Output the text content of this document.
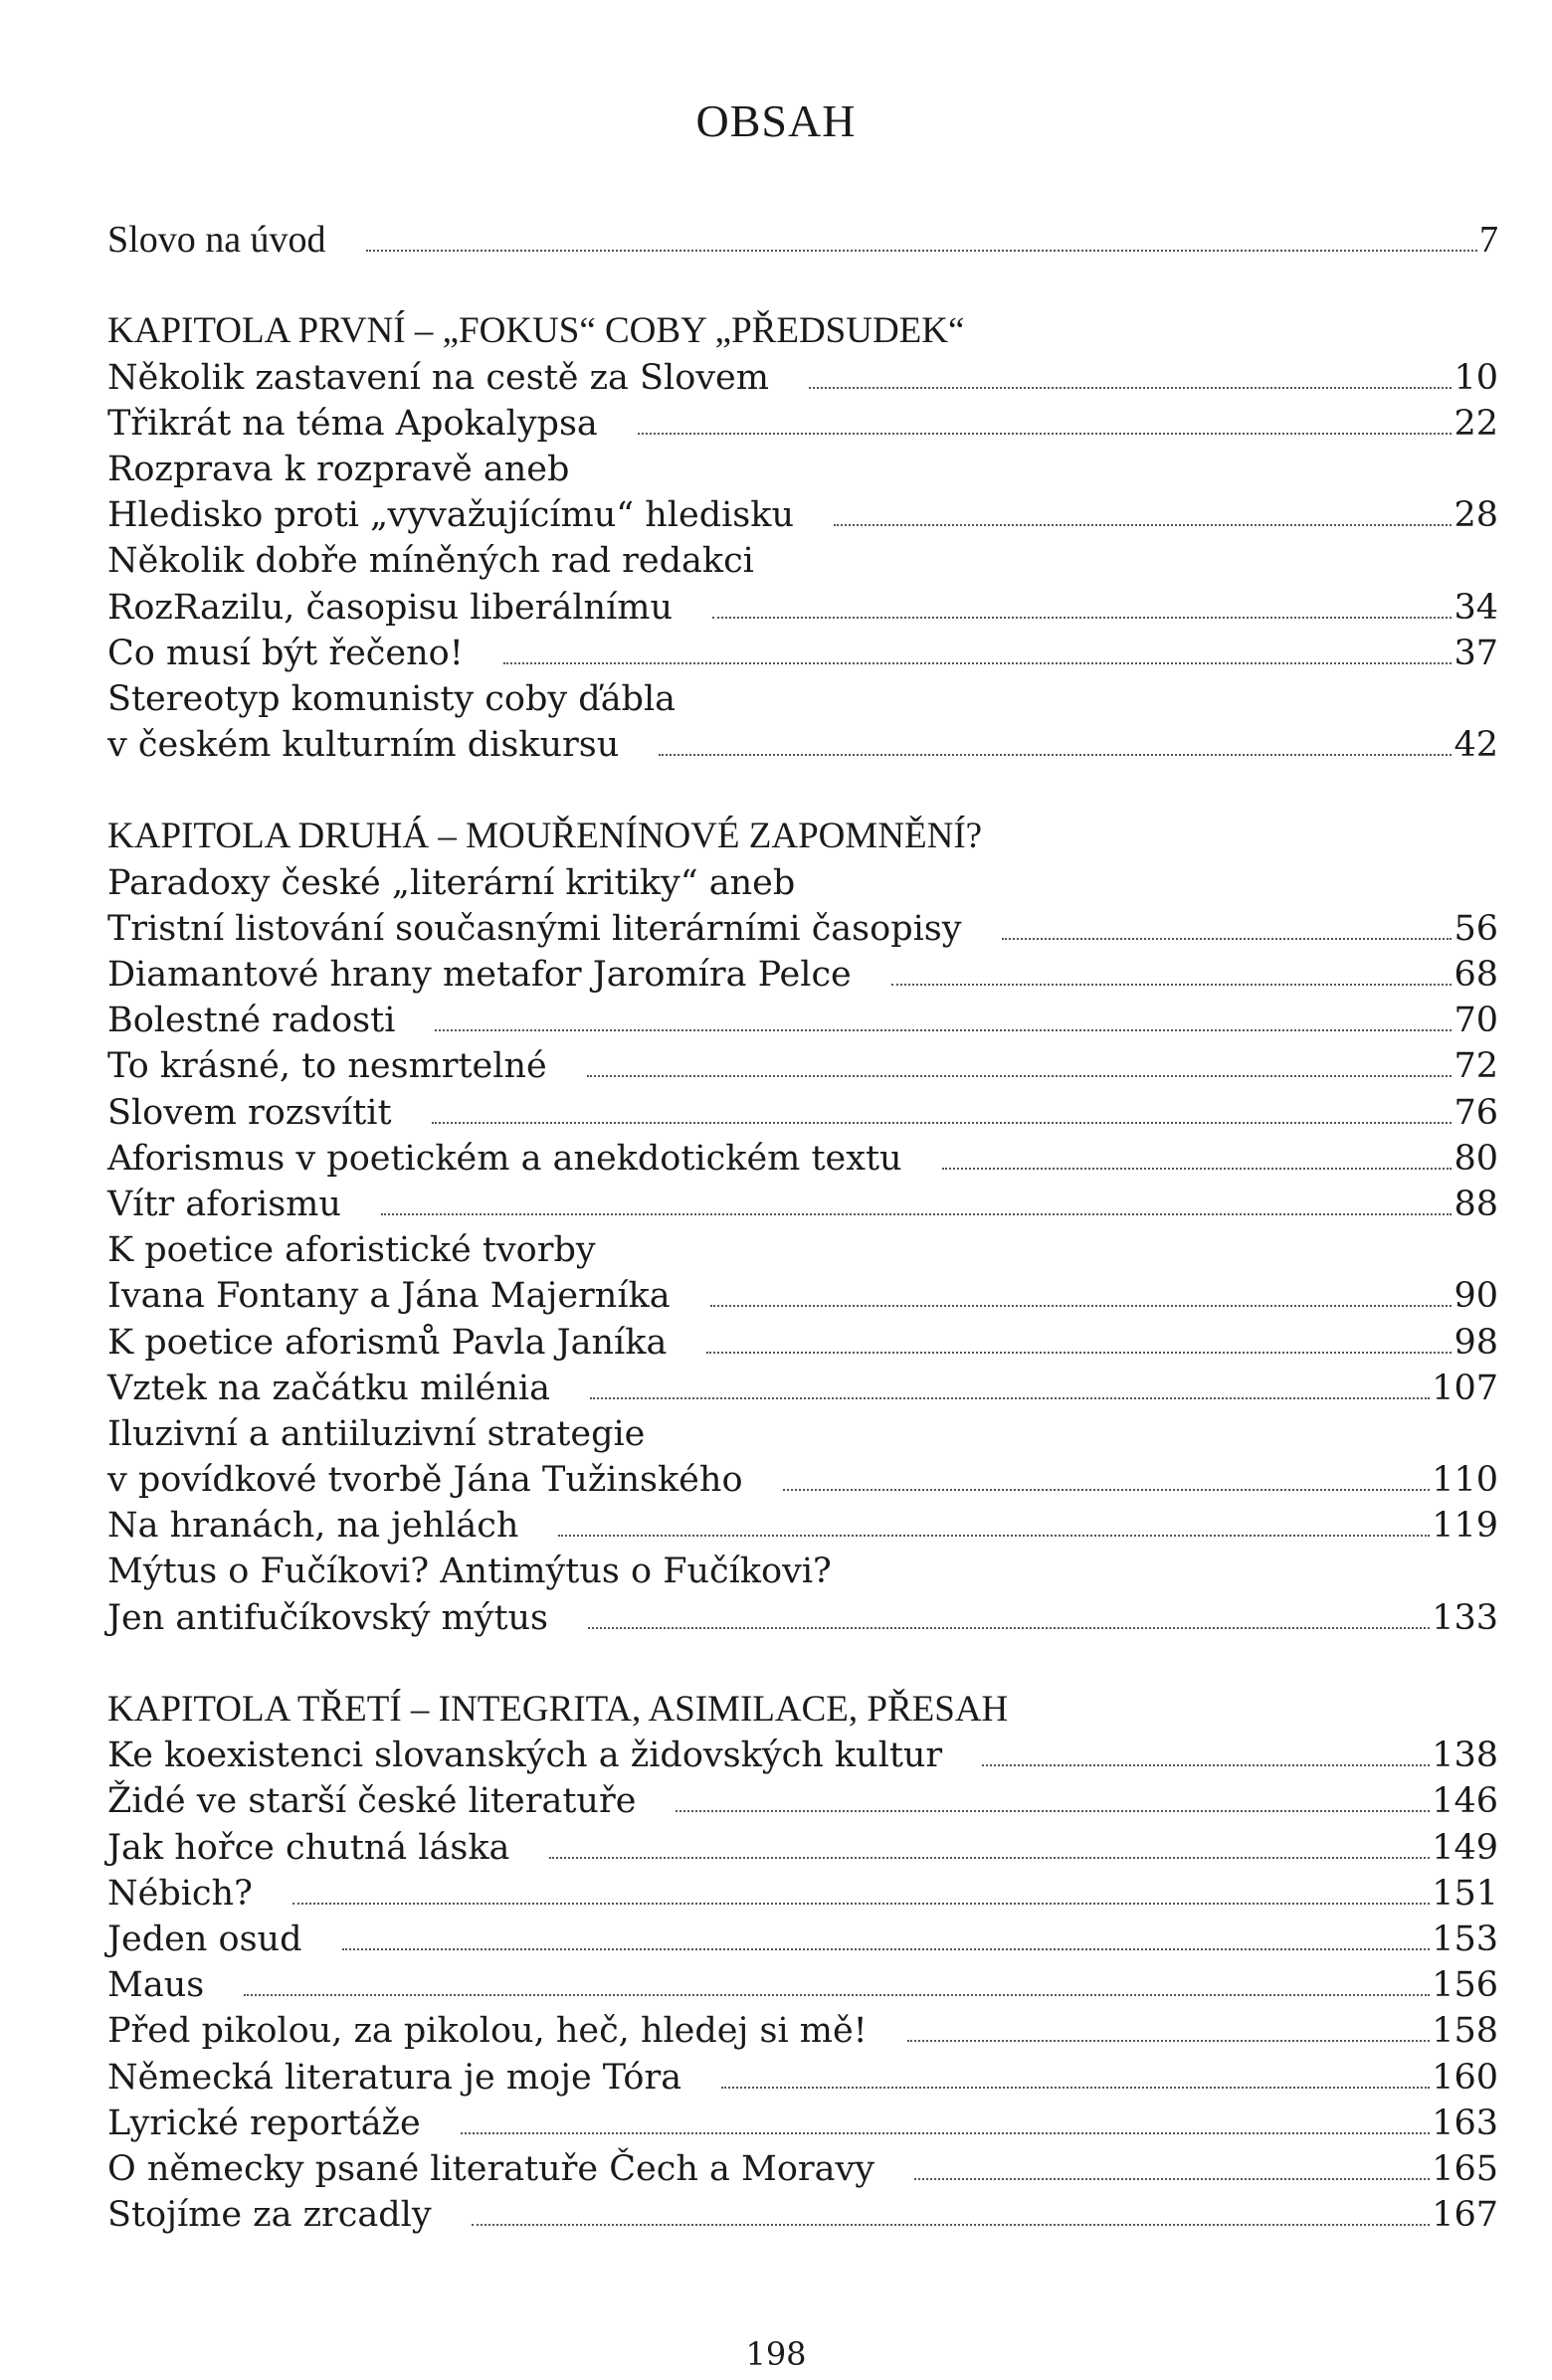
OBSAH
Slovo na úvod	7
KAPITOLA PRVNÍ – „FOKUS“ COBY „PŘEDSUDEK“
Několik zastavení na cestě za Slovem	10
Třikrát na téma Apokalypsa	22
Rozprava k rozpravě aneb
Hledisko proti „vyvažujícímu“ hledisku	28
Několik dobře míněných rad redakci
RozRazilu, časopisu liberálnímu	34
Co musí být řečeno!	37
Stereotyp komunisty coby ďábla
v českém kulturním diskursu	42
KAPITOLA DRUHÁ – MOUŘENÍNOVÉ ZAPOMNĚNÍ?
Paradoxy české „literární kritiky“ aneb
Tristní listování současnými literárními časopisy	56
Diamantové hrany metafor Jaromíra Pelce	68
Bolestné radosti	70
To krásné, to nesmrtelné	72
Slovem rozsvítit	76
Aforismus v poetickém a anekdotickém textu	80
Vítr aforismu	88
K poetice aforistické tvorby
Ivana Fontany a Jána Majerníka	90
K poetice aforismů Pavla Janíka	98
Vztek na začátku milénia	107
Iluzivní a antiiluzivní strategie
v povídkové tvorbě Jána Tužinského	110
Na hranách, na jehlách	119
Mýtus o Fučíkovi? Antimýtus o Fučíkovi?
Jen antifučíkovský mýtus	133
KAPITOLA TŘETÍ – INTEGRITA, ASIMILACE, PŘESAH
Ke koexistenci slovanských a židovských kultur	138
Židé ve starší české literatuře	146
Jak hořce chutná láska	149
Nébich?	151
Jeden osud	153
Maus	156
Před pikolou, za pikolou, heč, hledej si mě!	158
Německá literatura je moje Tóra	160
Lyrické reportáže	163
O německy psané literatuře Čech a Moravy	165
Stojíme za zrcadly	167
198
